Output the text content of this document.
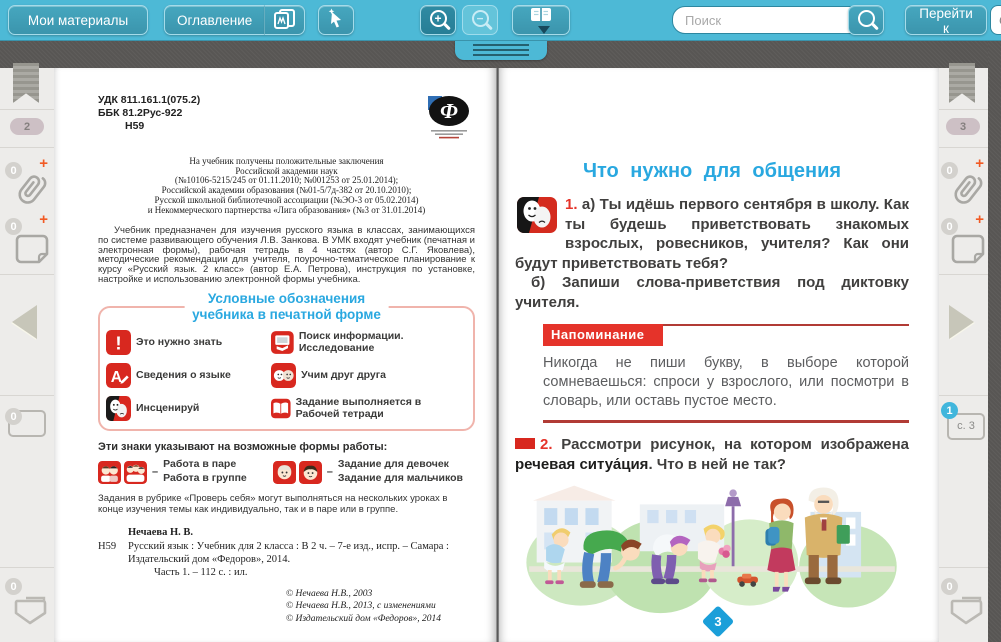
Мои материалы	Оглавление	+	−
Поиск	Перейти к
С
2
0	+
0	+
0
0
3
0	+
0	+
1
с. 3
0
УДК 811.161.1(075.2)
ББК 81.2Рус-922
Н59
Ф
На учебник получены положительные заключения
Российской академии наук
(№10106-5215/245 от 01.11.2010; №001253 от 25.01.2014);
Российской академии образования (№01-5/7д-382 от 20.10.2010);
Русской школьной библиотечной ассоциации (№ЭО-3 от 05.02.2014)
и Некоммерческого партнерства «Лига образования» (№3 от 31.01.2014)
Учебник предназначен для изучения русского языка в классах, занимающихся по системе развивающего обучения Л.В. Занкова. В УМК входят учебник (печатная и электронная формы), рабочая тетрадь в 4 частях (автор С.Г. Яковлева), методические рекомендации для учителя, поурочно-тематическое планирование к курсу «Русский язык. 2 класс» (автор Е.А. Петрова), инструкция по установке, настройке и использованию электронной формы учебника.
Условные обозначения
учебника в печатной форме
! Это нужно знать	Поиск информации. Исследование
А Сведения о языке	Учим друг друга
Инсценируй	Задание выполняется в Рабочей тетради
Эти знаки указывают на возможные формы работы:
–
Работа в паре
Работа в группе	–
Задание для девочек
Задание для мальчиков
Задания в рубрике «Проверь себя» могут выполняться на нескольких уроках в конце изучения темы как индивидуально, так и в паре или в группе.
Нечаева Н. В.
Н59	Русский язык : Учебник для 2 класса : В 2 ч. – 7-е изд., испр. – Самара : Издательский дом «Федоров», 2014.
Часть 1. – 112 с. : ил.
© Нечаева Н.В., 2003
© Нечаева Н.В., 2013, с изменениями
© Издательский дом «Федоров», 2014
Что нужно для общения

1. а) Ты идёшь первого сентября в школу. Как ты будешь приветствовать знакомых взрослых, ровесников, учителя? Как они будут приветствовать тебя?

б) Запиши слова-приветствия под диктовку учителя.

Напоминание

Никогда не пиши букву, в выборе которой сомневаешься: спроси у взрослого, или посмотри в словарь, или оставь пустое место.

2. Рассмотри рисунок, на котором изображена речевая ситуа́ция. Что в ней не так?

3
